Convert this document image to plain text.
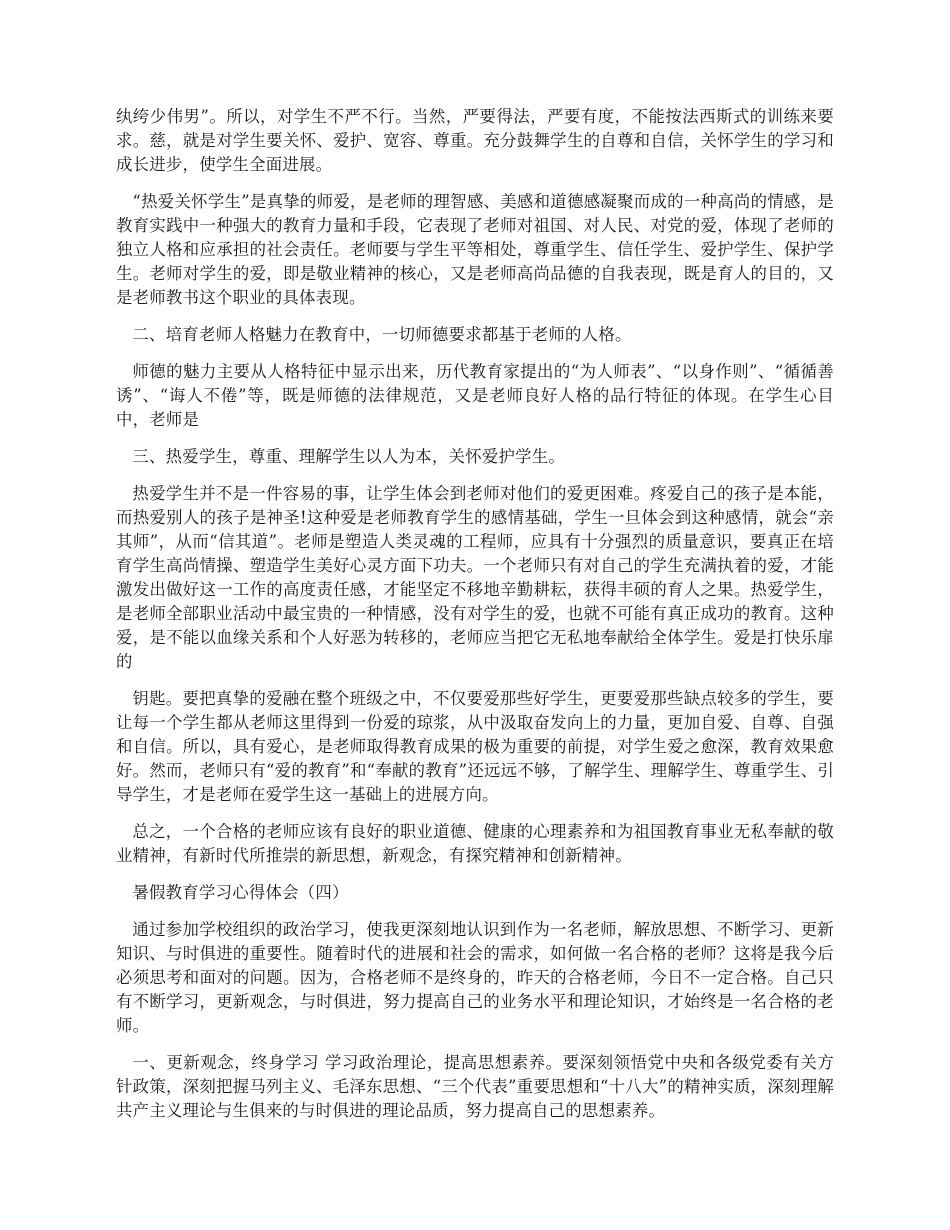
纨绔少伟男”。所以，对学生不严不行。当然，严要得法，严要有度，不能按法西斯式的训练来要求。慈，就是对学生要关怀、爱护、宽容、尊重。充分鼓舞学生的自尊和自信，关怀学生的学习和成长进步，使学生全面进展。

“热爱关怀学生”是真挚的师爱，是老师的理智感、美感和道德感凝聚而成的一种高尚的情感，是教育实践中一种强大的教育力量和手段，它表现了老师对祖国、对人民、对党的爱，体现了老师的独立人格和应承担的社会责任。老师要与学生平等相处，尊重学生、信任学生、爱护学生、保护学生。老师对学生的爱，即是敬业精神的核心，又是老师高尚品德的自我表现，既是育人的目的，又是老师教书这个职业的具体表现。

二、培育老师人格魅力在教育中，一切师德要求都基于老师的人格。

师德的魅力主要从人格特征中显示出来，历代教育家提出的“为人师表”、“以身作则”、“循循善诱”、“诲人不倦”等，既是师德的法律规范，又是老师良好人格的品行特征的体现。在学生心目中，老师是

三、热爱学生，尊重、理解学生以人为本，关怀爱护学生。

热爱学生并不是一件容易的事，让学生体会到老师对他们的爱更困难。疼爱自己的孩子是本能，而热爱别人的孩子是神圣!这种爱是老师教育学生的感情基础，学生一旦体会到这种感情，就会“亲其师”，从而“信其道”。老师是塑造人类灵魂的工程师，应具有十分强烈的质量意识，要真正在培育学生高尚情操、塑造学生美好心灵方面下功夫。一个老师只有对自己的学生充满执着的爱，才能激发出做好这一工作的高度责任感，才能坚定不移地辛勤耕耘，获得丰硕的育人之果。热爱学生，是老师全部职业活动中最宝贵的一种情感，没有对学生的爱，也就不可能有真正成功的教育。这种爱，是不能以血缘关系和个人好恶为转移的，老师应当把它无私地奉献给全体学生。爱是打快乐扉的

钥匙。要把真挚的爱融在整个班级之中，不仅要爱那些好学生，更要爱那些缺点较多的学生，要让每一个学生都从老师这里得到一份爱的琼浆，从中汲取奋发向上的力量，更加自爱、自尊、自强和自信。所以，具有爱心，是老师取得教育成果的极为重要的前提，对学生爱之愈深，教育效果愈好。然而，老师只有“爱的教育”和“奉献的教育”还远远不够，了解学生、理解学生、尊重学生、引导学生，才是老师在爱学生这一基础上的进展方向。

总之，一个合格的老师应该有良好的职业道德、健康的心理素养和为祖国教育事业无私奉献的敬业精神，有新时代所推崇的新思想，新观念，有探究精神和创新精神。

暑假教育学习心得体会（四）

通过参加学校组织的政治学习，使我更深刻地认识到作为一名老师，解放思想、不断学习、更新知识、与时俱进的重要性。随着时代的进展和社会的需求，如何做一名合格的老师？这将是我今后必须思考和面对的问题。因为，合格老师不是终身的，昨天的合格老师，今日不一定合格。自己只有不断学习，更新观念，与时俱进，努力提高自己的业务水平和理论知识，才始终是一名合格的老师。

一、更新观念，终身学习 学习政治理论，提高思想素养。要深刻领悟党中央和各级党委有关方针政策，深刻把握马列主义、毛泽东思想、“三个代表”重要思想和“十八大”的精神实质，深刻理解共产主义理论与生俱来的与时俱进的理论品质，努力提高自己的思想素养。
